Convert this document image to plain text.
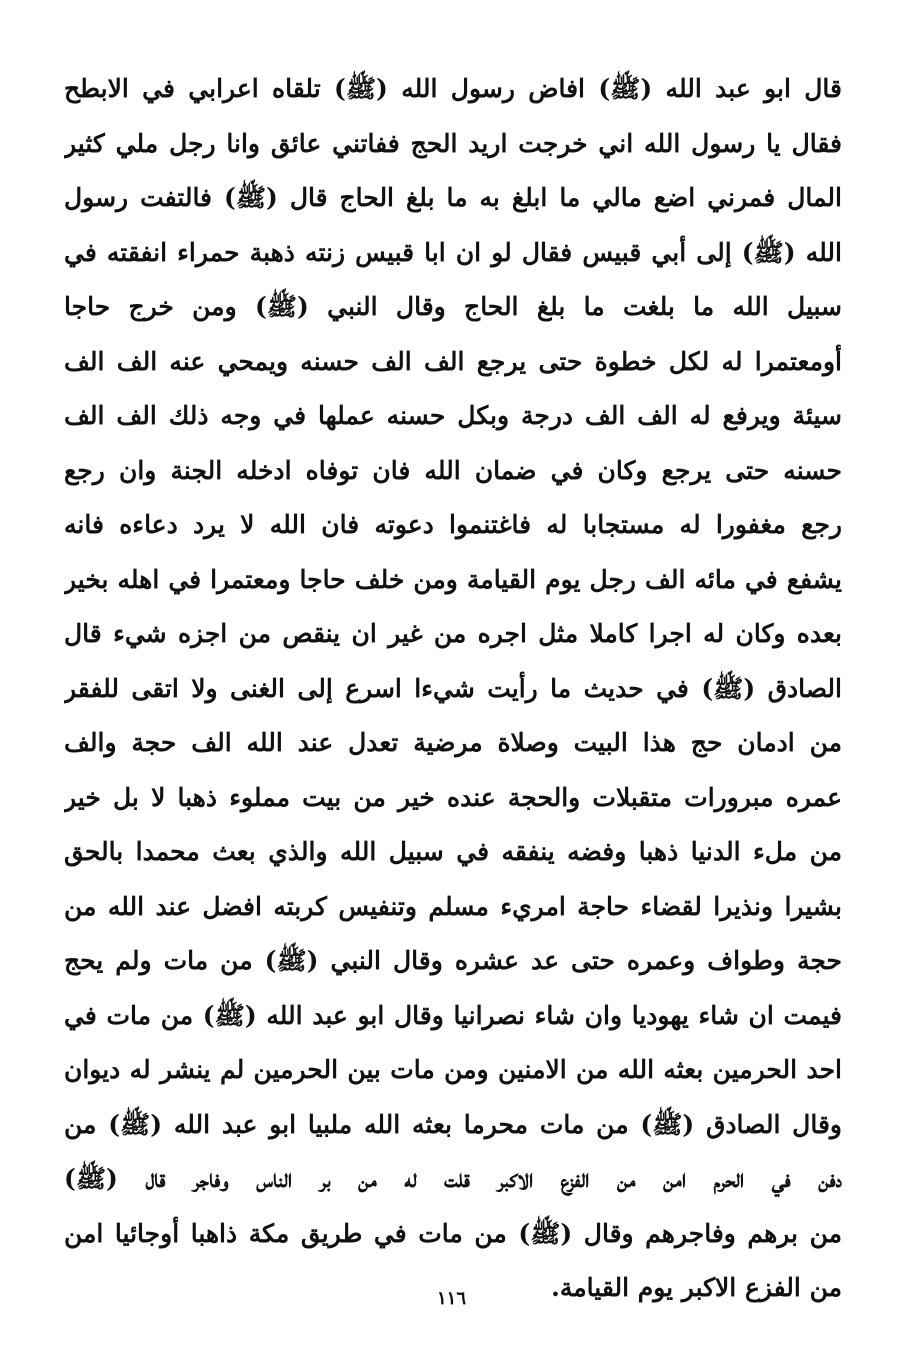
قال ابو عبد الله (ﷺ) افاض رسول الله (ﷺ) تلقاه اعرابي في الابطح
فقال يا رسول الله اني خرجت اريد الحج ففاتني عائق وانا رجل ملي كثير
المال فمرني اضع مالي ما ابلغ به ما بلغ الحاج قال (ﷺ) فالتفت رسول
الله (ﷺ) إلى أبي قبيس فقال لو ان ابا قبيس زنته ذهبة حمراء انفقته في
سبيل الله ما بلغت ما بلغ الحاج وقال النبي (ﷺ) ومن خرج حاجا
أومعتمرا له لكل خطوة حتى يرجع الف الف حسنه ويمحي عنه الف الف
سيئة ويرفع له الف الف درجة وبكل حسنه عملها في وجه ذلك الف الف
حسنه حتى يرجع وكان في ضمان الله فان توفاه ادخله الجنة وان رجع
رجع مغفورا له مستجابا له فاغتنموا دعوته فان الله لا يرد دعاءه فانه
يشفع في مائه الف رجل يوم القيامة ومن خلف حاجا ومعتمرا في اهله بخير
بعده وكان له اجرا كاملا مثل اجره من غير ان ينقص من اجزه شيء قال
الصادق (ﷺ) في حديث ما رأيت شيءا اسرع إلى الغنى ولا اتقى للفقر
من ادمان حج هذا البيت وصلاة مرضية تعدل عند الله الف حجة والف
عمره مبرورات متقبلات والحجة عنده خير من بيت مملوء ذهبا لا بل خير
من ملء الدنيا ذهبا وفضه ينفقه في سبيل الله والذي بعث محمدا بالحق
بشيرا ونذيرا لقضاء حاجة امريء مسلم وتنفيس كربته افضل عند الله من
حجة وطواف وعمره حتى عد عشره وقال النبي (ﷺ) من مات ولم يحج
فيمت ان شاء يهوديا وان شاء نصرانيا وقال ابو عبد الله (ﷺ) من مات في
احد الحرمين بعثه الله من الامنين ومن مات بين الحرمين لم ينشر له ديوان
وقال الصادق (ﷺ) من مات محرما بعثه الله ملبيا ابو عبد الله (ﷺ) من
دفن في الحرم امن من الفزع الاكبر قلت له من بر الناس وفاجر قال (ﷺ)
من برهم وفاجرهم وقال (ﷺ) من مات في طريق مكة ذاهبا أوجائيا امن
من الفزع الاكبر يوم القيامة.
١١٦
